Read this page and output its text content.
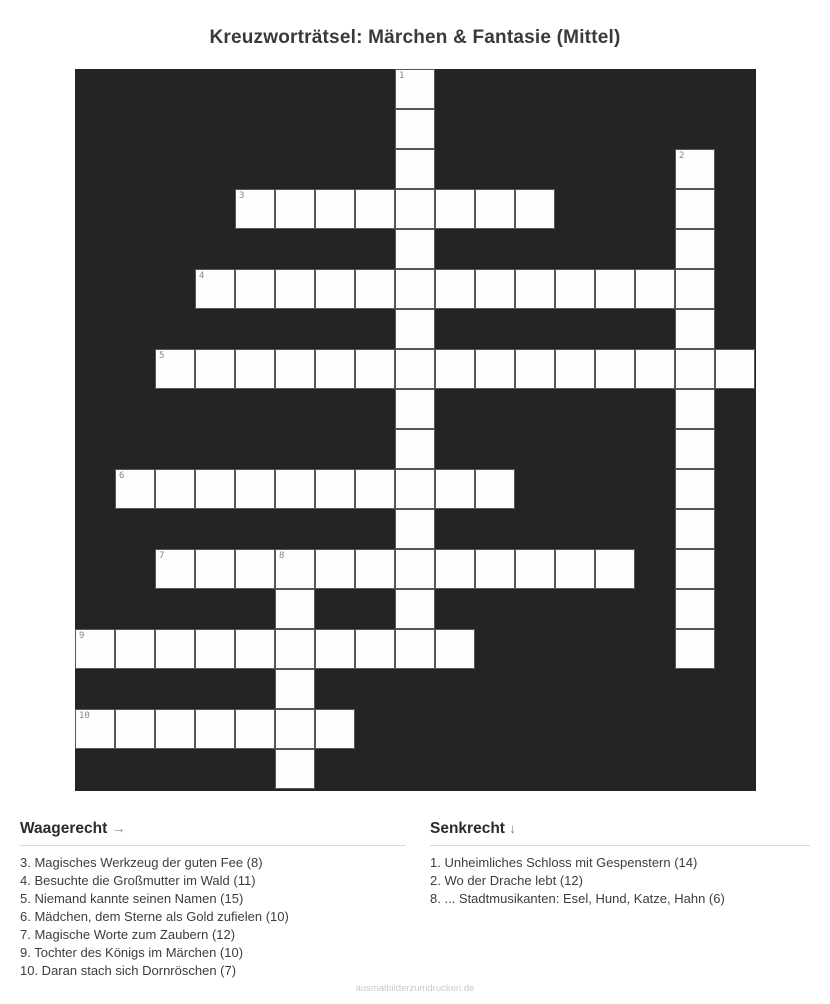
Kreuzworträtsel: Märchen & Fantasie (Mittel)
1
2
3
4
5
6
7	8
9
10
Waagerecht →
3. Magisches Werkzeug der guten Fee (8)
4. Besuchte die Großmutter im Wald (11)
5. Niemand kannte seinen Namen (15)
6. Mädchen, dem Sterne als Gold zufielen (10)
7. Magische Worte zum Zaubern (12)
9. Tochter des Königs im Märchen (10)
10. Daran stach sich Dornröschen (7)
Senkrecht ↓
1. Unheimliches Schloss mit Gespenstern (14)
2. Wo der Drache lebt (12)
8. ... Stadtmusikanten: Esel, Hund, Katze, Hahn (6)
ausmalbilderzumdrucken.de
